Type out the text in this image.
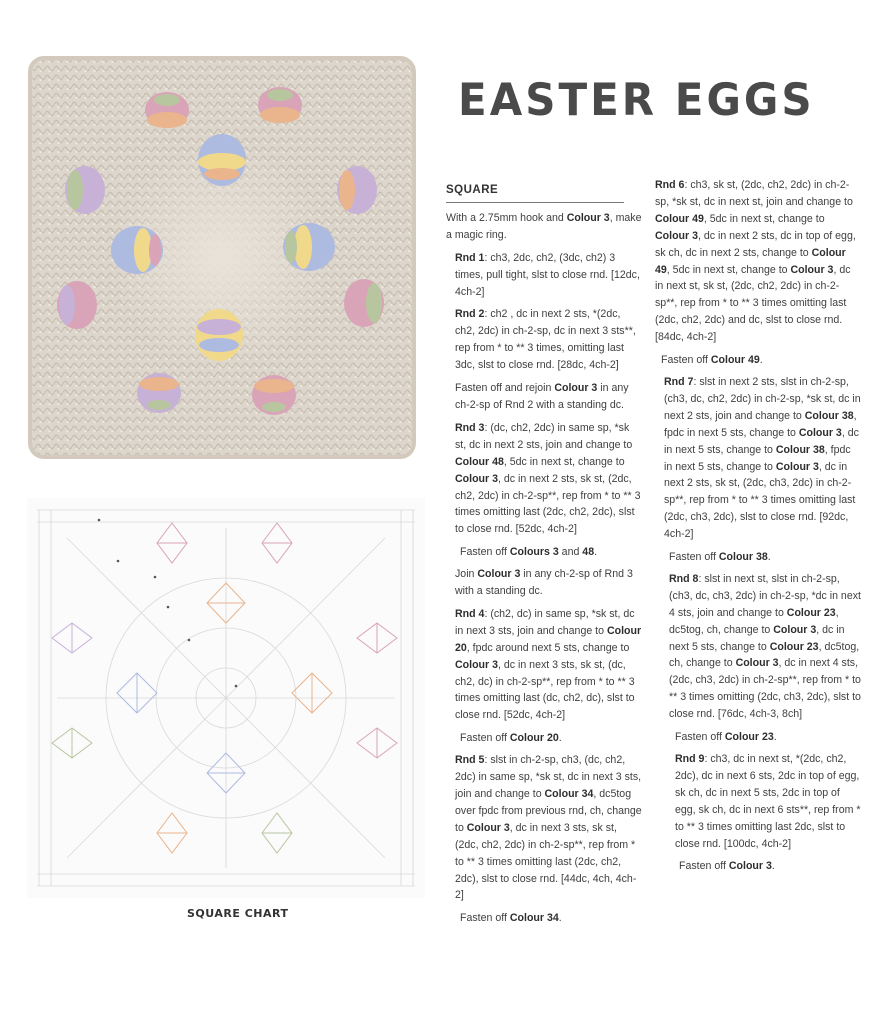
SQUARE CHART
EASTER EGGS
SQUARE

With a 2.75mm hook and Colour 3, make a magic ring.

Rnd 1: ch3, 2dc, ch2, (3dc, ch2) 3 times, pull tight, slst to close rnd. [12dc, 4ch-2]

Rnd 2: ch2 , dc in next 2 sts, *(2dc, ch2, 2dc) in ch-2-sp, dc in next 3 sts**, rep from * to ** 3 times, omitting last 3dc, slst to close rnd. [28dc, 4ch-2]

Fasten off and rejoin Colour 3 in any ch-2-sp of Rnd 2 with a standing dc.

Rnd 3: (dc, ch2, 2dc) in same sp, *sk st, dc in next 2 sts, join and change to Colour 48, 5dc in next st, change to Colour 3, dc in next 2 sts, sk st, (2dc, ch2, 2dc) in ch-2-sp**, rep from * to ** 3 times omitting last (2dc, ch2, 2dc), slst to close rnd. [52dc, 4ch-2]

Fasten off Colours 3 and 48.

Join Colour 3 in any ch-2-sp of Rnd 3 with a standing dc.

Rnd 4: (ch2, dc) in same sp, *sk st, dc in next 3 sts, join and change to Colour 20, fpdc around next 5 sts, change to Colour 3, dc in next 3 sts, sk st, (dc, ch2, dc) in ch-2-sp**, rep from * to ** 3 times omitting last (dc, ch2, dc), slst to close rnd. [52dc, 4ch-2]

Fasten off Colour 20.

Rnd 5: slst in ch-2-sp, ch3, (dc, ch2, 2dc) in same sp, *sk st, dc in next 3 sts, join and change to Colour 34, dc5tog over fpdc from previous rnd, ch, change to Colour 3, dc in next 3 sts, sk st, (2dc, ch2, 2dc) in ch-2-sp**, rep from * to ** 3 times omitting last (2dc, ch2, 2dc), slst to close rnd. [44dc, 4ch, 4ch-2]

Fasten off Colour 34.

Rnd 6: ch3, sk st, (2dc, ch2, 2dc) in ch-2-sp, *sk st, dc in next st, join and change to Colour 49, 5dc in next st, change to Colour 3, dc in next 2 sts, dc in top of egg, sk ch, dc in next 2 sts, change to Colour 49, 5dc in next st, change to Colour 3, dc in next st, sk st, (2dc, ch2, 2dc) in ch-2-sp**, rep from * to ** 3 times omitting last (2dc, ch2, 2dc) and dc, slst to close rnd. [84dc, 4ch-2]

Fasten off Colour 49.

Rnd 7: slst in next 2 sts, slst in ch-2-sp, (ch3, dc, ch2, 2dc) in ch-2-sp, *sk st, dc in next 2 sts, join and change to Colour 38, fpdc in next 5 sts, change to Colour 3, dc in next 5 sts, change to Colour 38, fpdc in next 5 sts, change to Colour 3, dc in next 2 sts, sk st, (2dc, ch3, 2dc) in ch-2-sp**, rep from * to ** 3 times omitting last (2dc, ch3, 2dc), slst to close rnd. [92dc, 4ch-2]

Fasten off Colour 38.

Rnd 8: slst in next st, slst in ch-2-sp, (ch3, dc, ch3, 2dc) in ch-2-sp, *dc in next 4 sts, join and change to Colour 23, dc5tog, ch, change to Colour 3, dc in next 5 sts, change to Colour 23, dc5tog, ch, change to Colour 3, dc in next 4 sts, (2dc, ch3, 2dc) in ch-2-sp**, rep from * to ** 3 times omitting (2dc, ch3, 2dc), slst to close rnd. [76dc, 4ch-3, 8ch]

Fasten off Colour 23.

Rnd 9: ch3, dc in next st, *(2dc, ch2, 2dc), dc in next 6 sts, 2dc in top of egg, sk ch, dc in next 5 sts, 2dc in top of egg, sk ch, dc in next 6 sts**, rep from * to ** 3 times omitting last 2dc, slst to close rnd. [100dc, 4ch-2]

Fasten off Colour 3.
